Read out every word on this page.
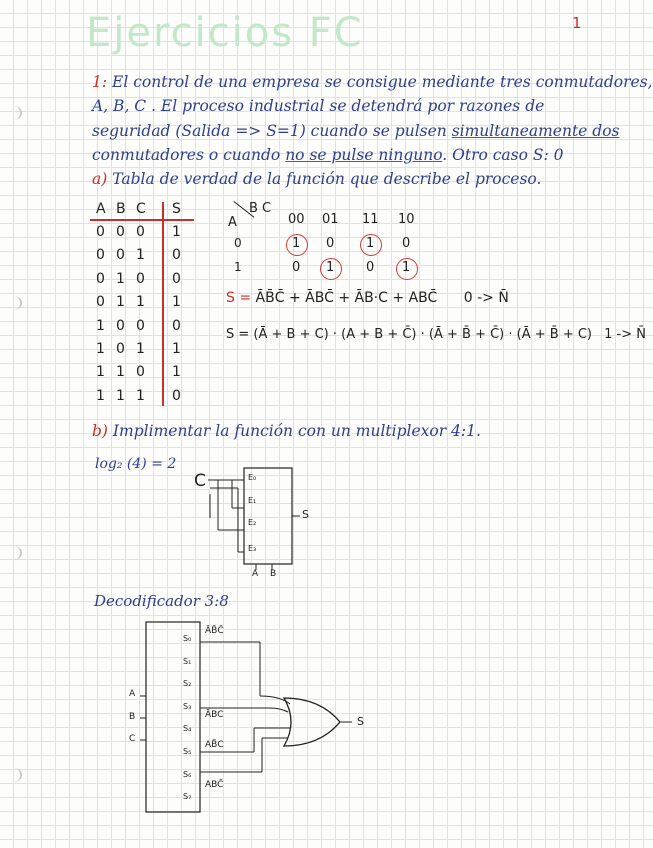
Ejercicios FC	1
1: El control de una empresa se consigue mediante tres conmutadores,
A, B, C . El proceso industrial se detendrá por razones de
seguridad (Salida => S=1) cuando se pulsen simultaneamente dos
conmutadores o cuando no se pulse ninguno. Otro caso S: 0
a) Tabla de verdad de la función que describe el proceso.
A B C S
0 0 0 1
0 0 1 0
0 1 0 0
0 1 1 1
1 0 0 0
1 0 1 1
1 1 0 1
1 1 1 0
A
B C
00 01 11 10
0
1
1 0 1 0
0 1 0 1
S = ĀB̄C̄ + ĀBC̄ + ĀB·C + ABC̄ 0 -> N̄
S = (Ā + B + C) · (A + B + C̄) · (Ā + B̄ + C̄) · (Ā + B̄ + C) 1 -> N̄
b) Implimentar la función con un multiplexor 4:1.
log₂ (4) = 2
C	E₀
E₁
E₂
E₃
S
A B
Decodificador 3:8
S₀
S₁
S₂
S₃
S₄
S₅
S₆
S₇
A
B
C
ĀB̄C̄
ĀBC
AB̄C
ABC̄
S
